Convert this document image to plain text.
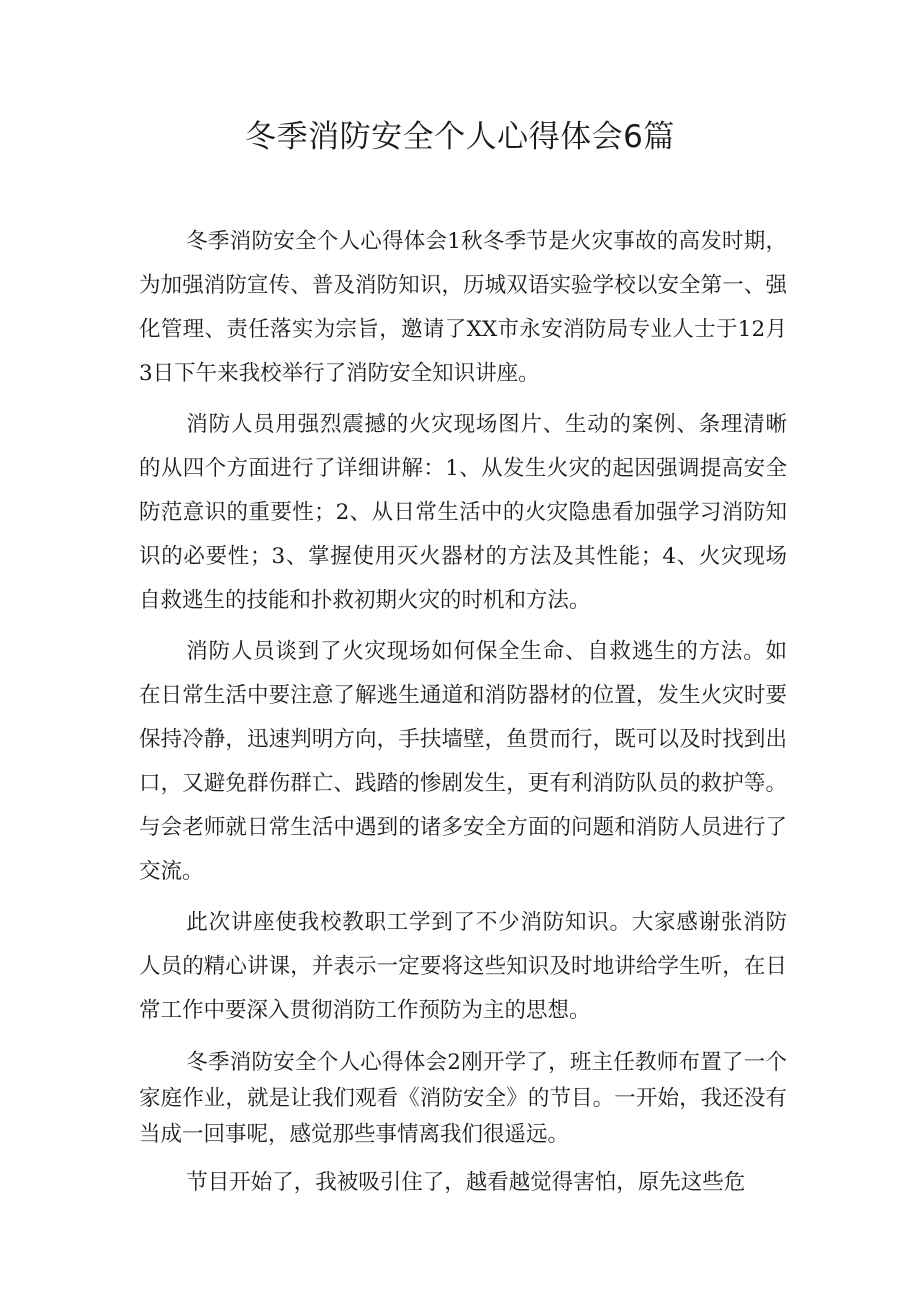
冬季消防安全个人心得体会6篇

冬季消防安全个人心得体会1秋冬季节是火灾事故的高发时期，为加强消防宣传、普及消防知识，历城双语实验学校以安全第一、强化管理、责任落实为宗旨，邀请了XX市永安消防局专业人士于12月3日下午来我校举行了消防安全知识讲座。

消防人员用强烈震撼的火灾现场图片、生动的案例、条理清晰的从四个方面进行了详细讲解：1、从发生火灾的起因强调提高安全防范意识的重要性；2、从日常生活中的火灾隐患看加强学习消防知识的必要性；3、掌握使用灭火器材的方法及其性能；4、火灾现场自救逃生的技能和扑救初期火灾的时机和方法。

消防人员谈到了火灾现场如何保全生命、自救逃生的方法。如在日常生活中要注意了解逃生通道和消防器材的位置，发生火灾时要保持冷静，迅速判明方向，手扶墙壁，鱼贯而行，既可以及时找到出口，又避免群伤群亡、践踏的惨剧发生，更有利消防队员的救护等。与会老师就日常生活中遇到的诸多安全方面的问题和消防人员进行了交流。

此次讲座使我校教职工学到了不少消防知识。大家感谢张消防人员的精心讲课，并表示一定要将这些知识及时地讲给学生听，在日常工作中要深入贯彻消防工作预防为主的思想。

冬季消防安全个人心得体会2刚开学了，班主任教师布置了一个家庭作业，就是让我们观看《消防安全》的节目。一开始，我还没有当成一回事呢，感觉那些事情离我们很遥远。

节目开始了，我被吸引住了，越看越觉得害怕，原先这些危
